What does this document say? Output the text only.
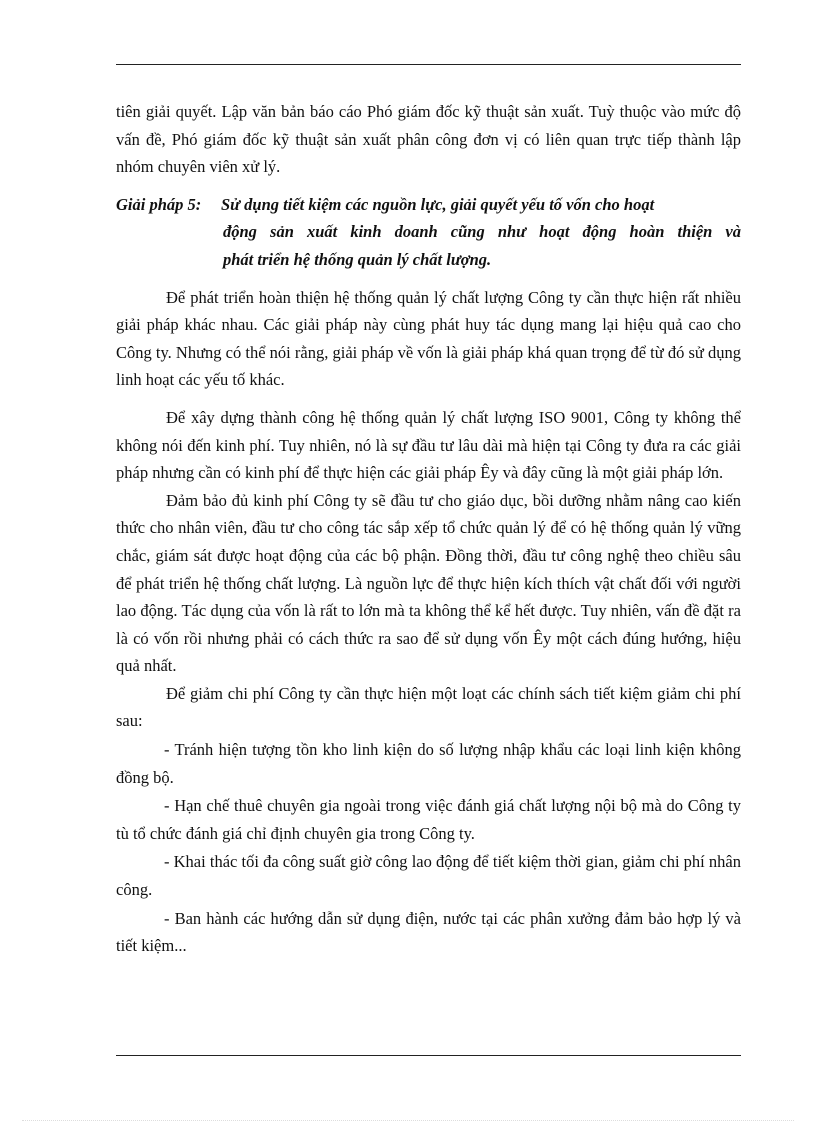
tiên giải quyết. Lập văn bản báo cáo Phó giám đốc kỹ thuật sản xuất. Tuỳ thuộc vào mức độ vấn đề, Phó giám đốc kỹ thuật sản xuất phân công đơn vị có liên quan trực tiếp thành lập nhóm chuyên viên xử lý.

Giải pháp 5: Sử dụng tiết kiệm các nguồn lực, giải quyết yếu tố vốn cho hoạt
động sản xuất kinh doanh cũng như hoạt động hoàn thiện và
phát triển hệ thống quản lý chất lượng.

Để phát triển hoàn thiện hệ thống quản lý chất lượng Công ty cần thực hiện rất nhiều giải pháp khác nhau. Các giải pháp này cùng phát huy tác dụng mang lại hiệu quả cao cho Công ty. Nhưng có thể nói rằng, giải pháp về vốn là giải pháp khá quan trọng để từ đó sử dụng linh hoạt các yếu tố khác.

Để xây dựng thành công hệ thống quản lý chất lượng ISO 9001, Công ty không thể không nói đến kinh phí. Tuy nhiên, nó là sự đầu tư lâu dài mà hiện tại Công ty đưa ra các giải pháp nhưng cần có kinh phí để thực hiện các giải pháp Êy và đây cũng là một giải pháp lớn.

Đảm bảo đủ kinh phí Công ty sẽ đầu tư cho giáo dục, bồi dưỡng nhằm nâng cao kiến thức cho nhân viên, đầu tư cho công tác sắp xếp tổ chức quản lý để có hệ thống quản lý vững chắc, giám sát được hoạt động của các bộ phận. Đồng thời, đầu tư công nghệ theo chiều sâu để phát triển hệ thống chất lượng. Là nguồn lực để thực hiện kích thích vật chất đối với người lao động. Tác dụng của vốn là rất to lớn mà ta không thể kể hết được. Tuy nhiên, vấn đề đặt ra là có vốn rồi nhưng phải có cách thức ra sao để sử dụng vốn Êy một cách đúng hướng, hiệu quả nhất.

Để giảm chi phí Công ty cần thực hiện một loạt các chính sách tiết kiệm giảm chi phí sau:

- Tránh hiện tượng tồn kho linh kiện do số lượng nhập khẩu các loại linh kiện không đồng bộ.

- Hạn chế thuê chuyên gia ngoài trong việc đánh giá chất lượng nội bộ mà do Công ty tù tổ chức đánh giá chỉ định chuyên gia trong Công ty.

- Khai thác tối đa công suất giờ công lao động để tiết kiệm thời gian, giảm chi phí nhân công.

- Ban hành các hướng dẫn sử dụng điện, nước tại các phân xưởng đảm bảo hợp lý và tiết kiệm...
